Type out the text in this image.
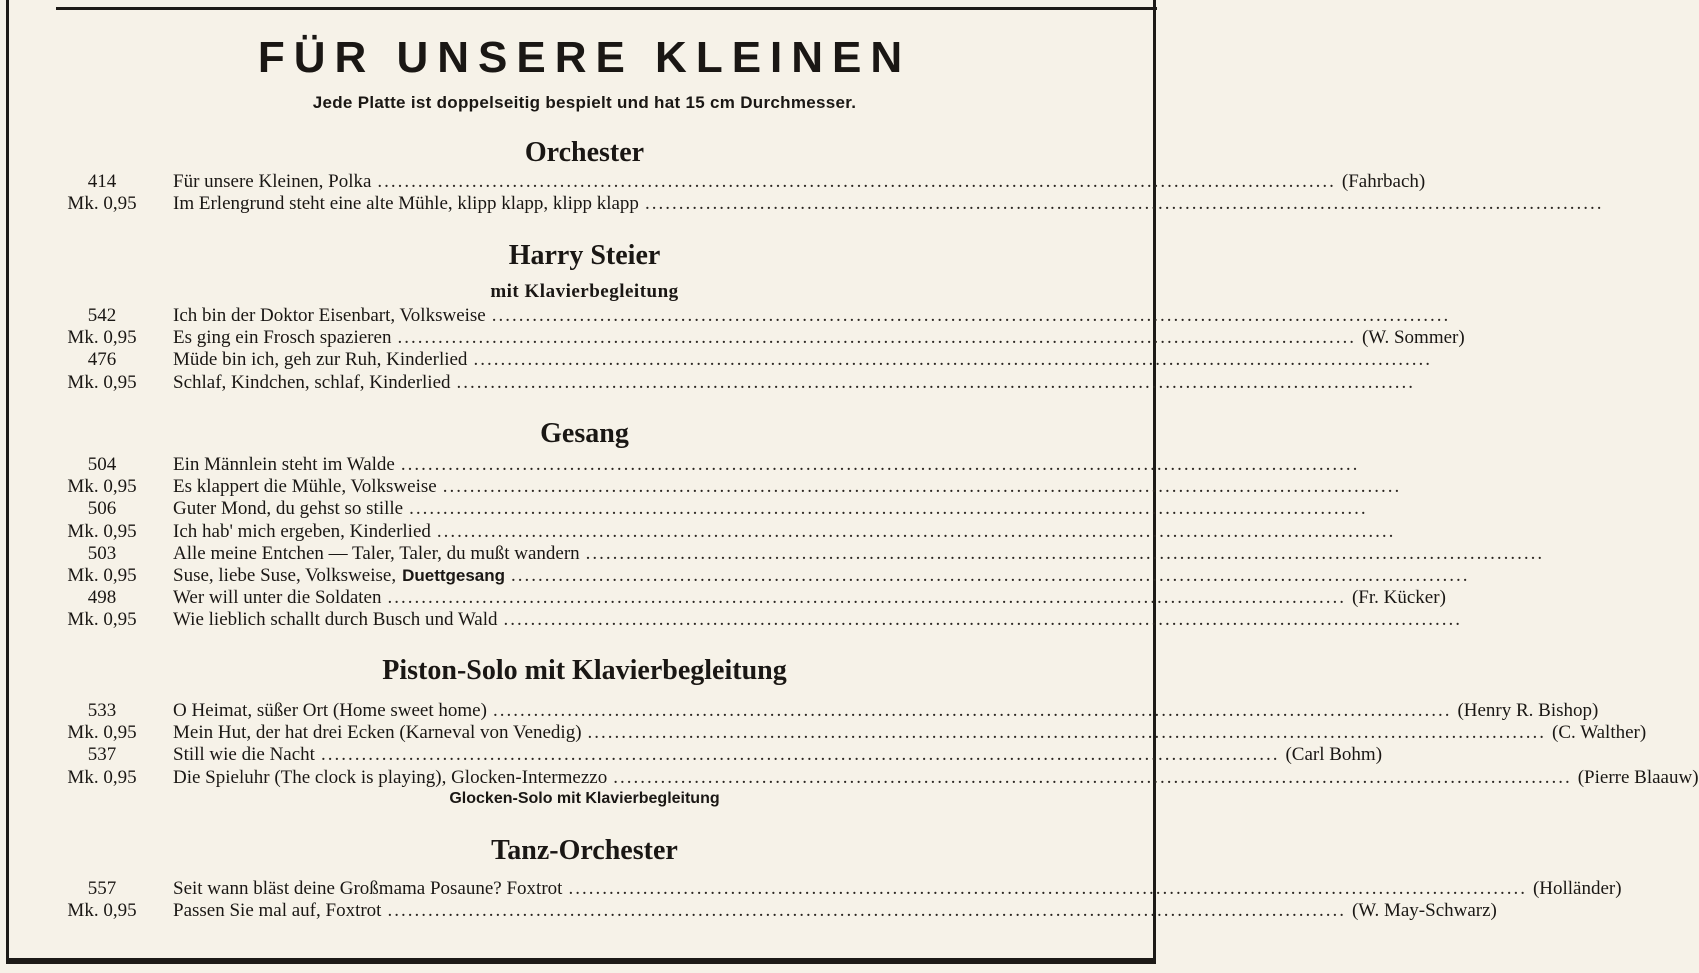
FÜR UNSERE KLEINEN
Jede Platte ist doppelseitig bespielt und hat 15 cm Durchmesser.
Orchester
414	Für unsere Kleinen, Polka .............................................................................................................................................. (Fahrbach)
Mk. 0,95	Im Erlengrund steht eine alte Mühle, klipp klapp, klipp klapp ..............................................................................................................................................
Harry Steier
mit Klavierbegleitung
542	Ich bin der Doktor Eisenbart, Volksweise ..............................................................................................................................................
Mk. 0,95	Es ging ein Frosch spazieren .............................................................................................................................................. (W. Sommer)
476	Müde bin ich, geh zur Ruh, Kinderlied ..............................................................................................................................................
Mk. 0,95	Schlaf, Kindchen, schlaf, Kinderlied ..............................................................................................................................................
Gesang
504	Ein Männlein steht im Walde ..............................................................................................................................................
Mk. 0,95	Es klappert die Mühle, Volksweise ..............................................................................................................................................
506	Guter Mond, du gehst so stille ..............................................................................................................................................
Mk. 0,95	Ich hab' mich ergeben, Kinderlied ..............................................................................................................................................
503	Alle meine Entchen — Taler, Taler, du mußt wandern ..............................................................................................................................................
Mk. 0,95	Suse, liebe Suse, Volksweise, Duettgesang ..............................................................................................................................................
498	Wer will unter die Soldaten .............................................................................................................................................. (Fr. Kücker)
Mk. 0,95	Wie lieblich schallt durch Busch und Wald ..............................................................................................................................................
Piston-Solo mit Klavierbegleitung
533	O Heimat, süßer Ort (Home sweet home) .............................................................................................................................................. (Henry R. Bishop)
Mk. 0,95	Mein Hut, der hat drei Ecken (Karneval von Venedig) .............................................................................................................................................. (C. Walther)
537	Still wie die Nacht .............................................................................................................................................. (Carl Bohm)
Mk. 0,95	Die Spieluhr (The clock is playing), Glocken-Intermezzo .............................................................................................................................................. (Pierre Blaauw)
Glocken-Solo mit Klavierbegleitung
Tanz-Orchester
557	Seit wann bläst deine Großmama Posaune? Foxtrot .............................................................................................................................................. (Holländer)
Mk. 0,95	Passen Sie mal auf, Foxtrot .............................................................................................................................................. (W. May-Schwarz)
